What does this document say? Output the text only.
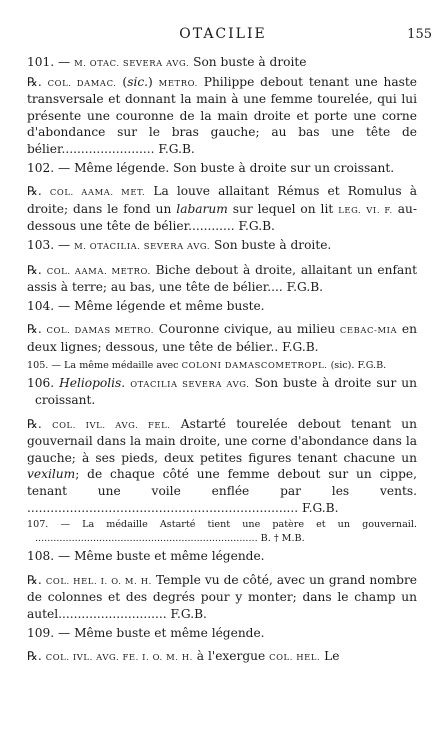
OTACILIE	155

101. — M. OTAC. SEVERA AVG. Son buste à droite

℞. COL. DAMAC. (sic.) METRO. Philippe debout tenant une haste transversale et donnant la main à une femme tourelée, qui lui présente une couronne de la main droite et porte une corne d'abondance sur le bras gauche; au bas une tête de bélier........................ F.G.B.

102. — Même légende. Son buste à droite sur un croissant.

℞. COL. AAMA. MET. La louve allaitant Rémus et Romulus à droite; dans le fond un labarum sur lequel on lit LEG. VI. F. au-dessous une tête de bélier............ F.G.B.

103. — M. OTACILIA. SEVERA AVG. Son buste à droite.

℞. COL. AAMA. METRO. Biche debout à droite, allaitant un enfant assis à terre; au bas, une tête de bélier.... F.G.B.

104. — Même légende et même buste.

℞. COL. DAMAS METRO. Couronne civique, au milieu CEBAC-MIA en deux lignes; dessous, une tête de bélier.. F.G.B.

105. — La même médaille avec COLONI DAMASCOMETROPL. (sic). F.G.B.

106. Heliopolis. OTACILIA SEVERA AVG. Son buste à droite sur un croissant.

℞. COL. IVL. AVG. FEL. Astarté tourelée debout tenant un gouvernail dans la main droite, une corne d'abondance dans la gauche; à ses pieds, deux petites figures tenant chacune un vexilum; de chaque côté une femme debout sur un cippe, tenant une voile enflée par les vents. ...................................................................... F.G.B.

107. — La médaille Astarté tient une patère et un gouvernail. ......................................................................... B. † M.B.

108. — Même buste et même légende.

℞. COL. HEL. I. O. M. H. Temple vu de côté, avec un grand nombre de colonnes et des degrés pour y monter; dans le champ un autel............................ F.G.B.

109. — Même buste et même légende.

℞. COL. IVL. AVG. FE. I. O. M. H. à l'exergue COL. HEL. Le
